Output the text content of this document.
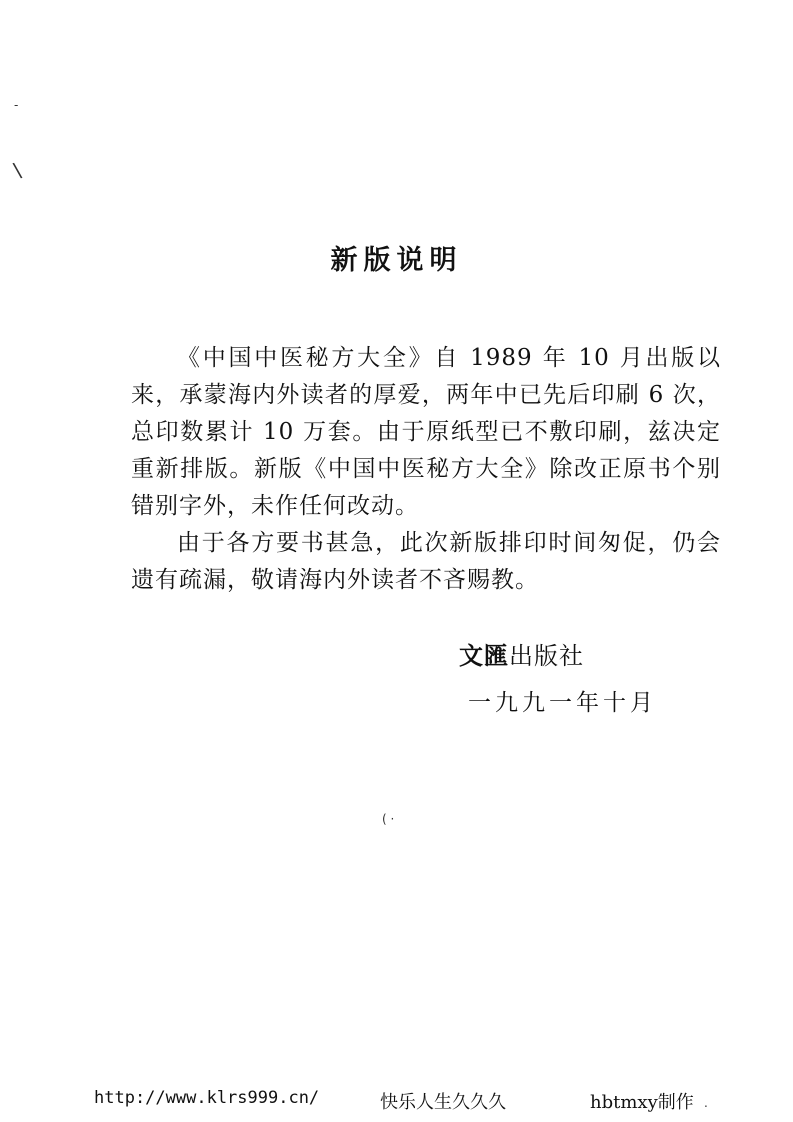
-
\
( ·
.
新版说明

《中国中医秘方大全》自 1989 年 10 月出版以来，承蒙海内外读者的厚爱，两年中已先后印刷 6 次，总印数累计 10 万套。由于原纸型已不敷印刷，兹决定重新排版。新版《中国中医秘方大全》除改正原书个别错别字外，未作任何改动。

由于各方要书甚急，此次新版排印时间匆促，仍会遗有疏漏，敬请海内外读者不吝赐教。

文匯出版社
一九九一年十月
http://www.klrs999.cn/	快乐人生久久久	hbtmxy制作
